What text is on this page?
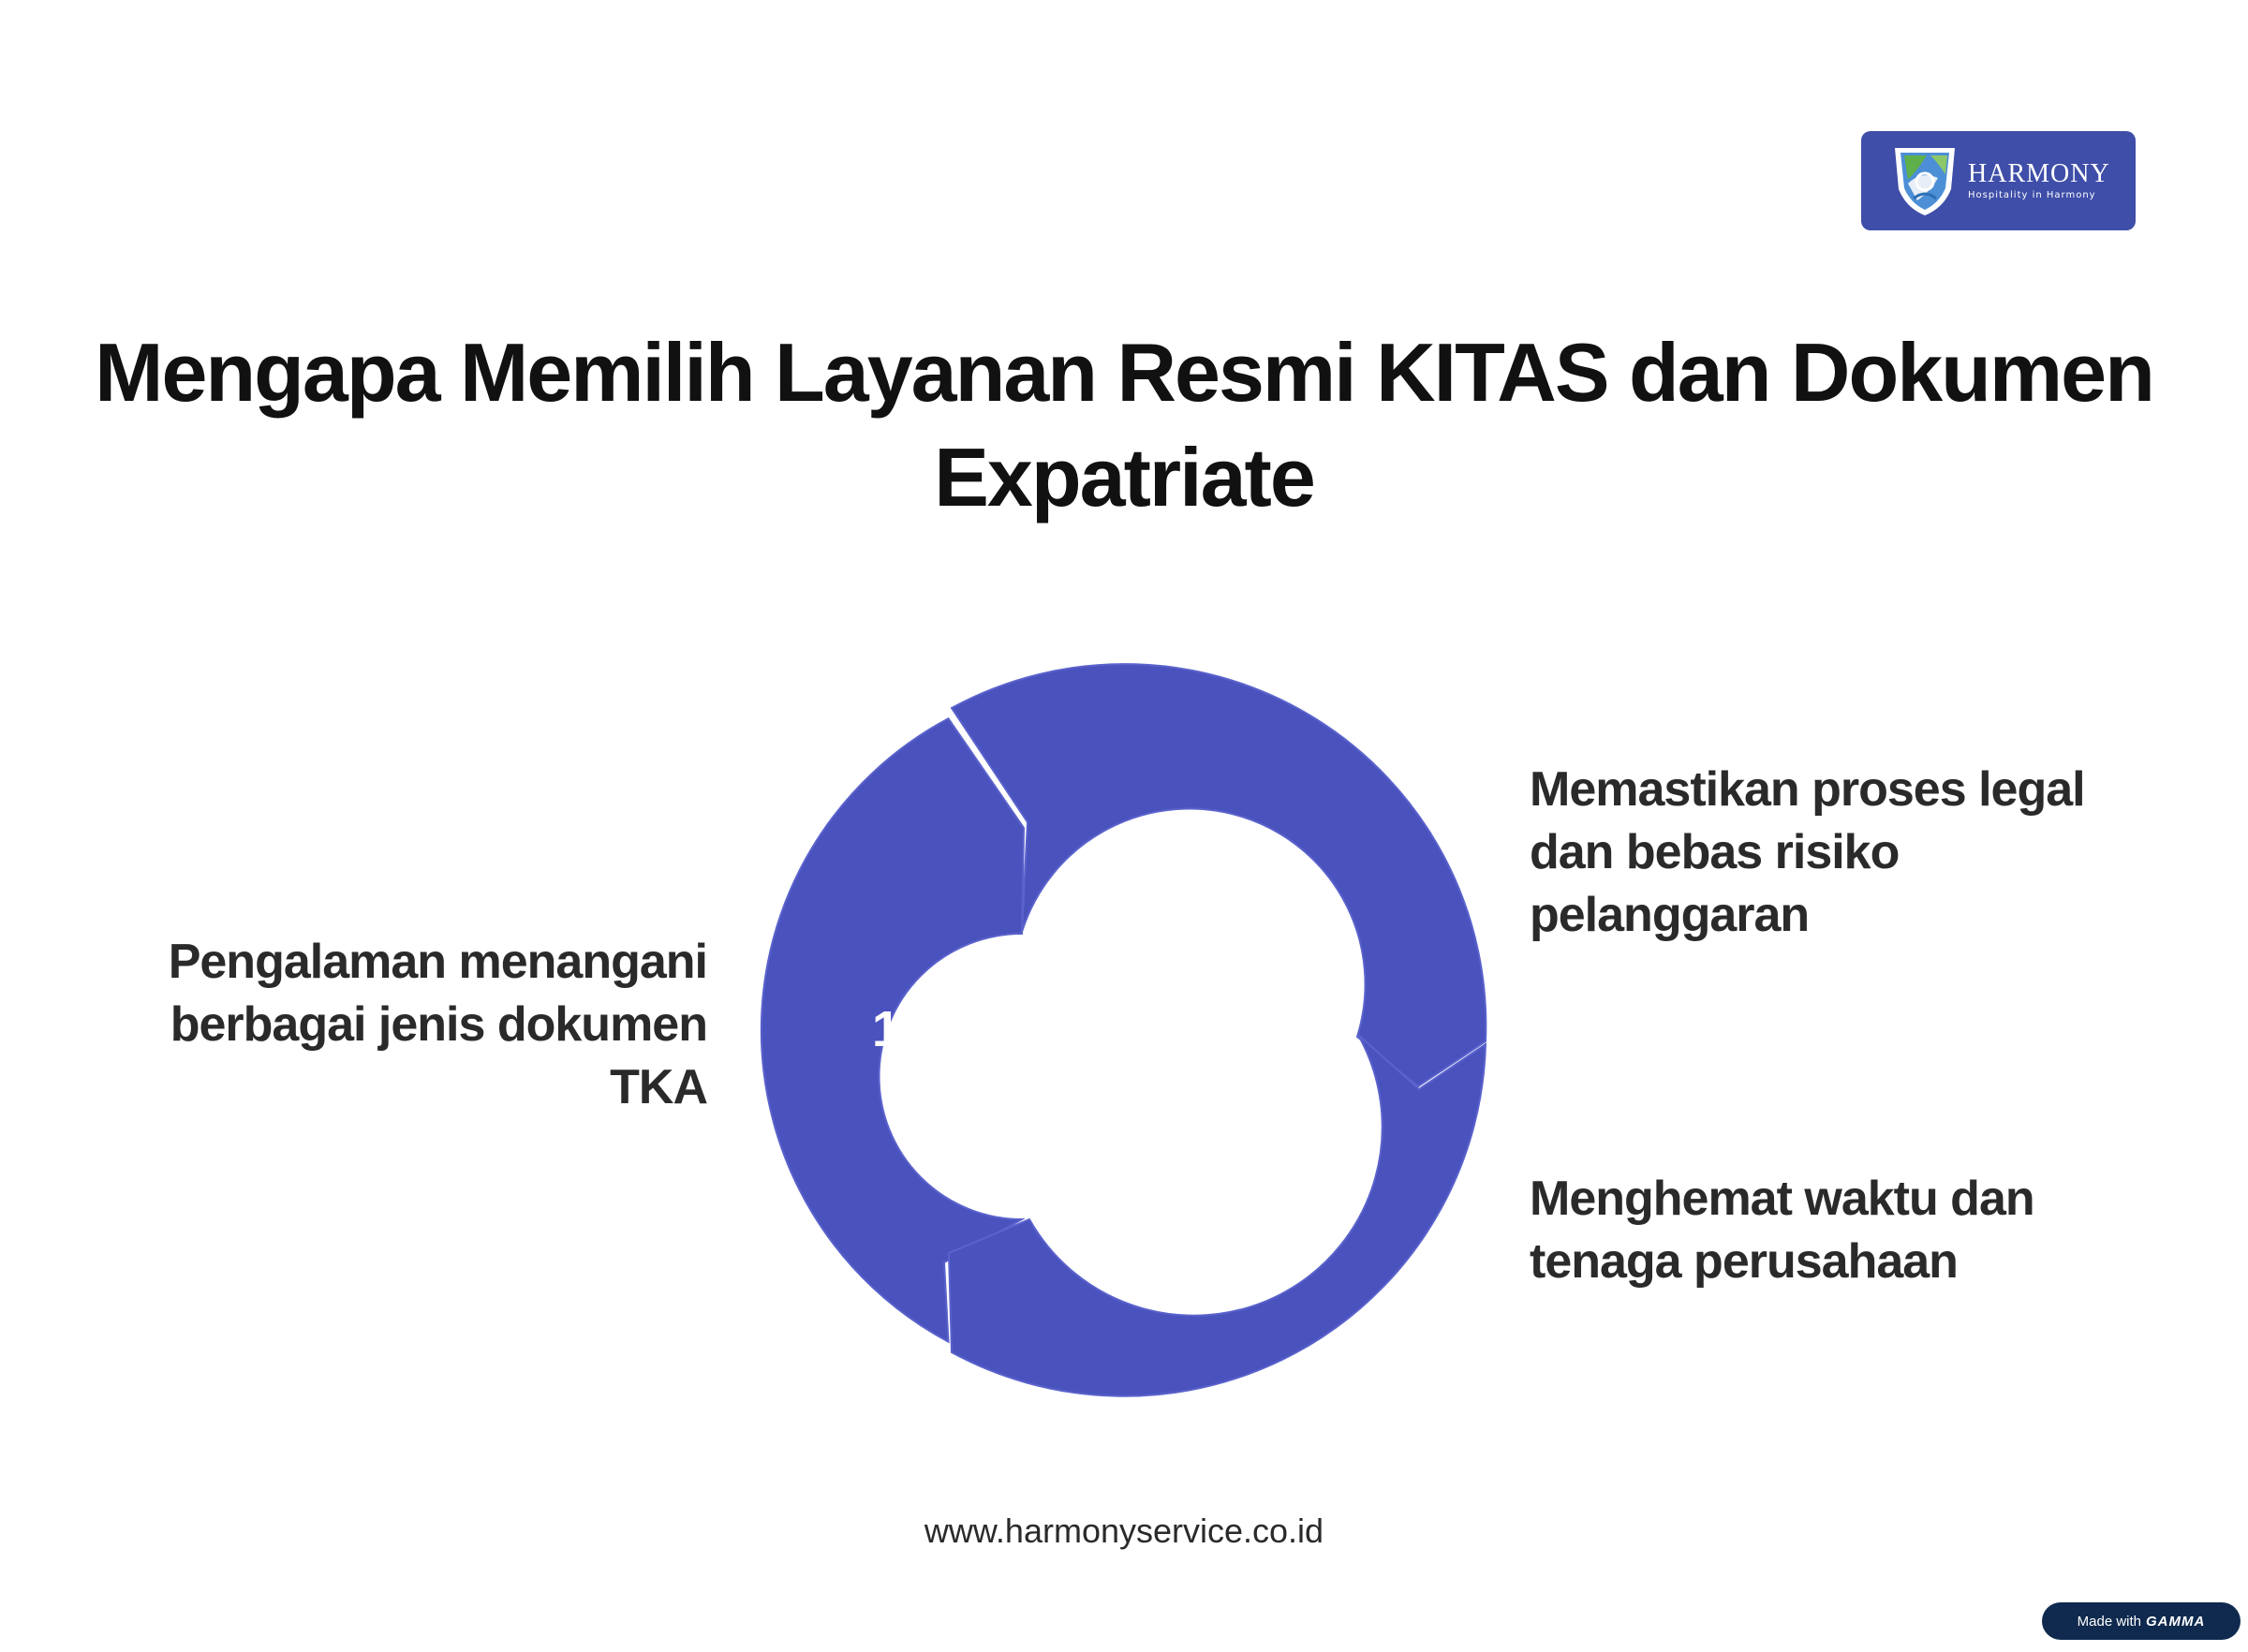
HARMONY
Hospitality in Harmony
Mengapa Memilih Layanan Resmi KITAS dan Dokumen Expatriate
1
2
3

Pengalaman menangani berbagai jenis dokumen TKA

Memastikan proses legal dan bebas risiko pelanggaran

Menghemat waktu dan tenaga perusahaan

www.harmonyservice.co.id
Made with GAMMA
